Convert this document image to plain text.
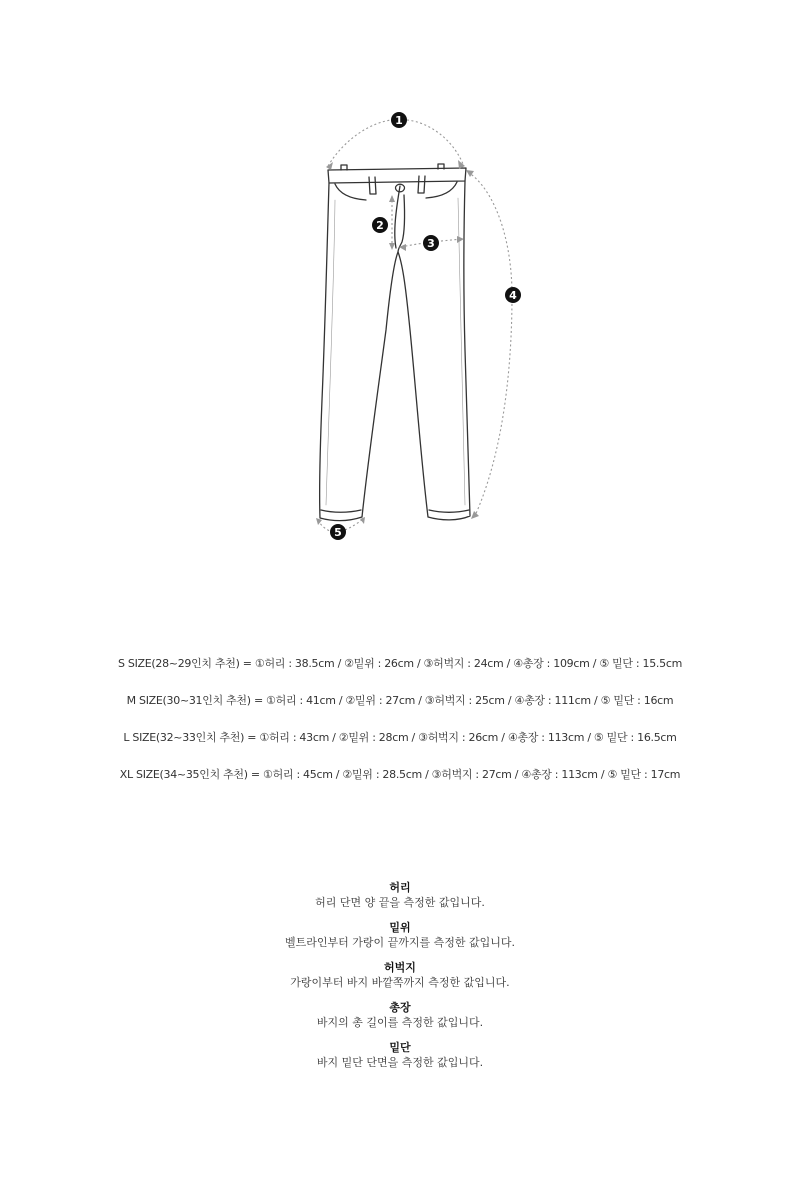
1
2
3
4
5
S SIZE(28~29인치 추천) = ①허리 : 38.5cm / ②밑위 : 26cm / ③허벅지 : 24cm / ④총장 : 109cm / ⑤ 밑단 : 15.5cm
M SIZE(30~31인치 추천) = ①허리 : 41cm / ②밑위 : 27cm / ③허벅지 : 25cm / ④총장 : 111cm / ⑤ 밑단 : 16cm
L SIZE(32~33인치 추천) = ①허리 : 43cm / ②밑위 : 28cm / ③허벅지 : 26cm / ④총장 : 113cm / ⑤ 밑단 : 16.5cm
XL SIZE(34~35인치 추천) = ①허리 : 45cm / ②밑위 : 28.5cm / ③허벅지 : 27cm / ④총장 : 113cm / ⑤ 밑단 : 17cm
허리
허리 단면 양 끝을 측정한 값입니다.
밑위
벨트라인부터 가랑이 끝까지를 측정한 값입니다.
허벅지
가랑이부터 바지 바깥쪽까지 측정한 값입니다.
총장
바지의 총 길이를 측정한 값입니다.
밑단
바지 밑단 단면을 측정한 값입니다.
